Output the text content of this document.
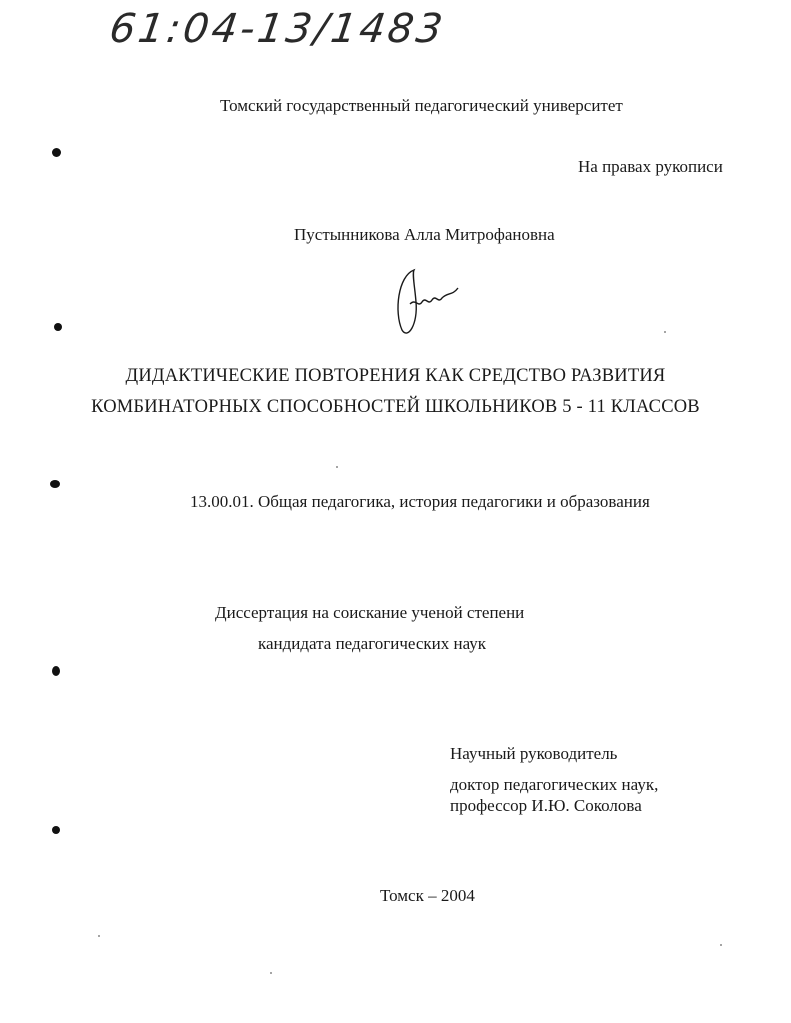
61:04-13/1483
Томский государственный педагогический университет
На правах рукописи
Пустынникова Алла Митрофановна
ДИДАКТИЧЕСКИЕ ПОВТОРЕНИЯ КАК СРЕДСТВО РАЗВИТИЯ
КОМБИНАТОРНЫХ СПОСОБНОСТЕЙ ШКОЛЬНИКОВ 5 - 11 КЛАССОВ
13.00.01. Общая педагогика, история педагогики и образования
Диссертация на соискание ученой степени
кандидата педагогических наук
Научный руководитель
доктор педагогических наук,
профессор И.Ю. Соколова
Томск – 2004
